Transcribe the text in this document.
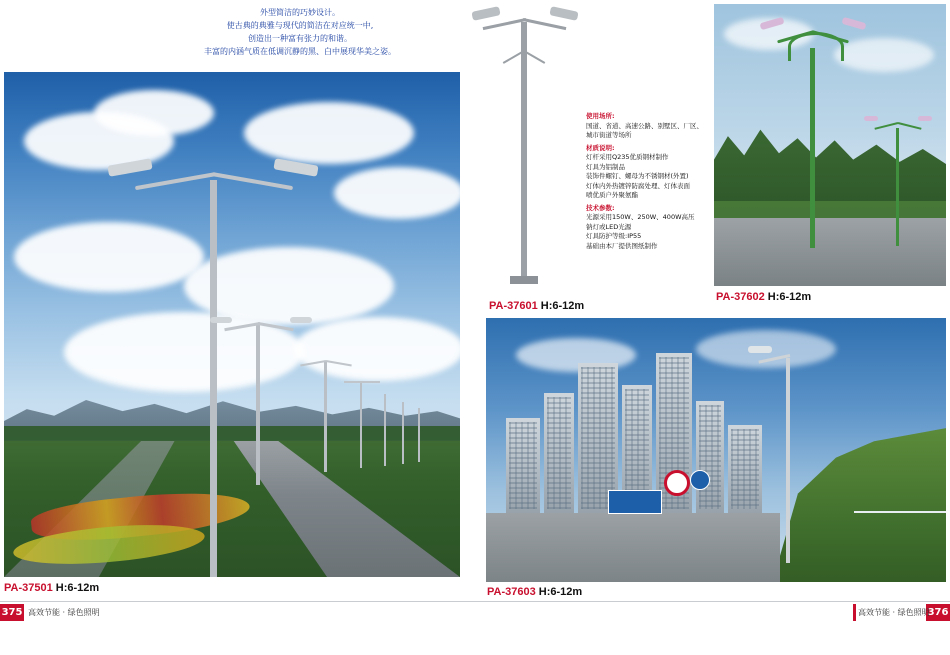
外型简洁的巧妙设计。
使古典的典雅与现代的简洁在对应统一中,
创造出一种富有张力的和谐。
丰富的内涵气质在低调沉静的黑、白中展现华美之姿。
PA-37501 H:6-12m
使用场所:
国道、省道、高速公路、别墅区、厂区、城市街道等场所
材质说明:
灯杆采用Q235优质钢材制作
灯具为铝制品
装饰件螺钉、螺母为不锈钢材(外置)
灯体内外热镀锌防腐处理、灯体表面
喷优质户外聚氨酯
技术参数:
光源采用150W、250W、400W高压
钠灯或LED光源
灯具防护等级:IP55
基础由本厂提供图纸制作
PA-37601 H:6-12m
PA-37602 H:6-12m
PA-37603 H:6-12m
375 高效节能 · 绿色照明	376
高效节能 · 绿色照明
